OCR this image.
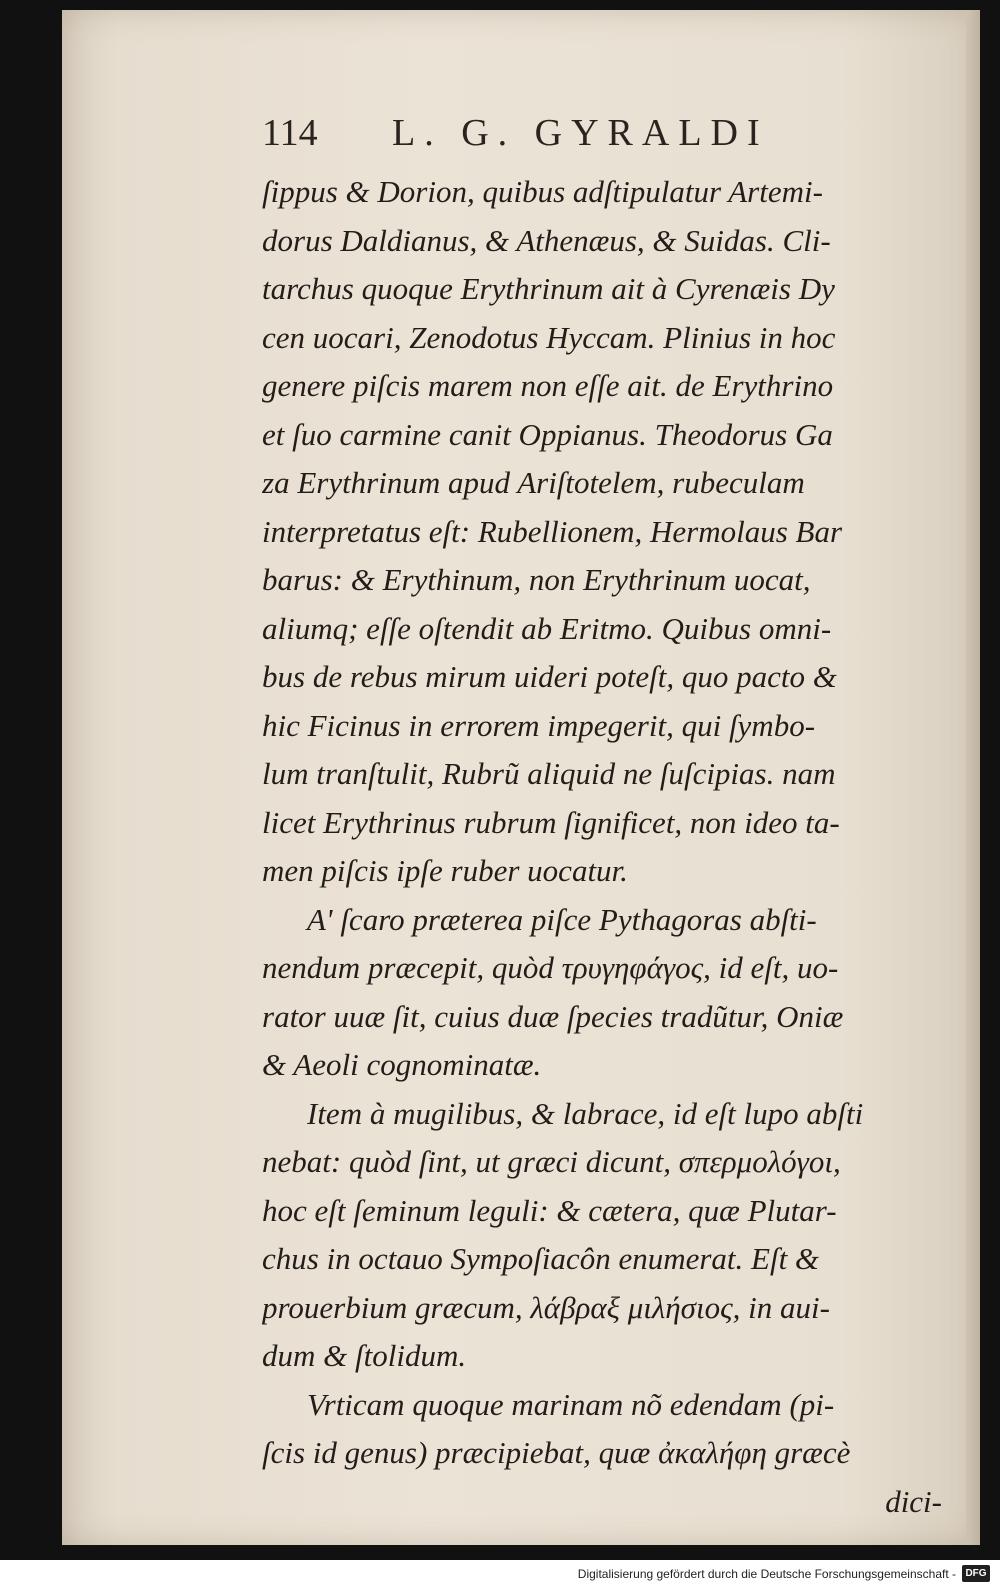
114 L. G. GYRALDI
ſippus & Dorion, quibus adſtipulatur Artemi-
dorus Daldianus, & Athenæus, & Suidas. Cli-
tarchus quoque Erythrinum ait à Cyrenæis Dy
cen uocari, Zenodotus Hyccam. Plinius in hoc
genere piſcis marem non eſſe ait. de Erythrino
et ſuo carmine canit Oppianus. Theodorus Ga
za Erythrinum apud Ariſtotelem, rubeculam
interpretatus eſt: Rubellionem, Hermolaus Bar
barus: & Erythinum, non Erythrinum uocat,
aliumq; eſſe oſtendit ab Eritmo. Quibus omni-
bus de rebus mirum uideri poteſt, quo pacto &
hic Ficinus in errorem impegerit, qui ſymbo-
lum tranſtulit, Rubrũ aliquid ne ſuſcipias. nam
licet Erythrinus rubrum ſignificet, non ideo ta-
men piſcis ipſe ruber uocatur.
A' ſcaro præterea piſce Pythagoras abſti-
nendum præcepit, quòd τρυγηφάγος, id eſt, uo-
rator uuæ ſit, cuius duæ ſpecies tradũtur, Oniæ
& Aeoli cognominatæ.
Item à mugilibus, & labrace, id eſt lupo abſti
nebat: quòd ſint, ut græci dicunt, σπερμολόγοι,
hoc eſt ſeminum leguli: & cætera, quæ Plutar-
chus in octauo Sympoſiacôn enumerat. Eſt &
prouerbium græcum, λάβραξ μιλήσιος, in aui-
dum & ſtolidum.
Vrticam quoque marinam nõ edendam (pi-
ſcis id genus) præcipiebat, quæ ἀκαλήφη græcè
dici-
Digitalisierung gefördert durch die Deutsche Forschungsgemeinschaft - DFG
